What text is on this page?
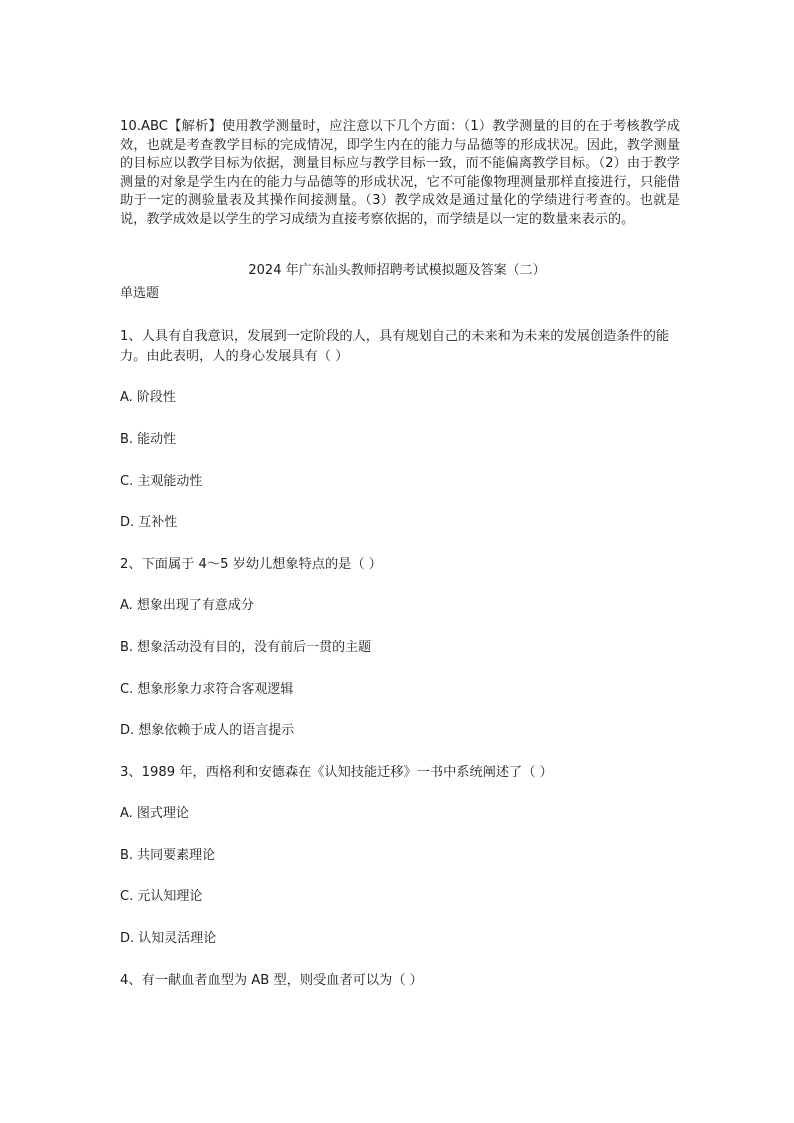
10.ABC【解析】使用教学测量时，应注意以下几个方面：（1）教学测量的目的在于考核教学成效，也就是考查教学目标的完成情况，即学生内在的能力与品德等的形成状况。因此，教学测量的目标应以教学目标为依据，测量目标应与教学目标一致，而不能偏离教学目标。（2）由于教学测量的对象是学生内在的能力与品德等的形成状况，它不可能像物理测量那样直接进行，只能借助于一定的测验量表及其操作间接测量。（3）教学成效是通过量化的学绩进行考查的。也就是说，教学成效是以学生的学习成绩为直接考察依据的，而学绩是以一定的数量来表示的。
2024 年广东汕头教师招聘考试模拟题及答案（二）
单选题
1、人具有自我意识，发展到一定阶段的人，具有规划自己的未来和为未来的发展创造条件的能力。由此表明，人的身心发展具有（ ）
A. 阶段性
B. 能动性
C. 主观能动性
D. 互补性
2、下面属于 4～5 岁幼儿想象特点的是（ ）
A. 想象出现了有意成分
B. 想象活动没有目的，没有前后一贯的主题
C. 想象形象力求符合客观逻辑
D. 想象依赖于成人的语言提示
3、1989 年，西格利和安德森在《认知技能迁移》一书中系统阐述了（ ）
A. 图式理论
B. 共同要素理论
C. 元认知理论
D. 认知灵活理论
4、有一献血者血型为 AB 型，则受血者可以为（ ）
